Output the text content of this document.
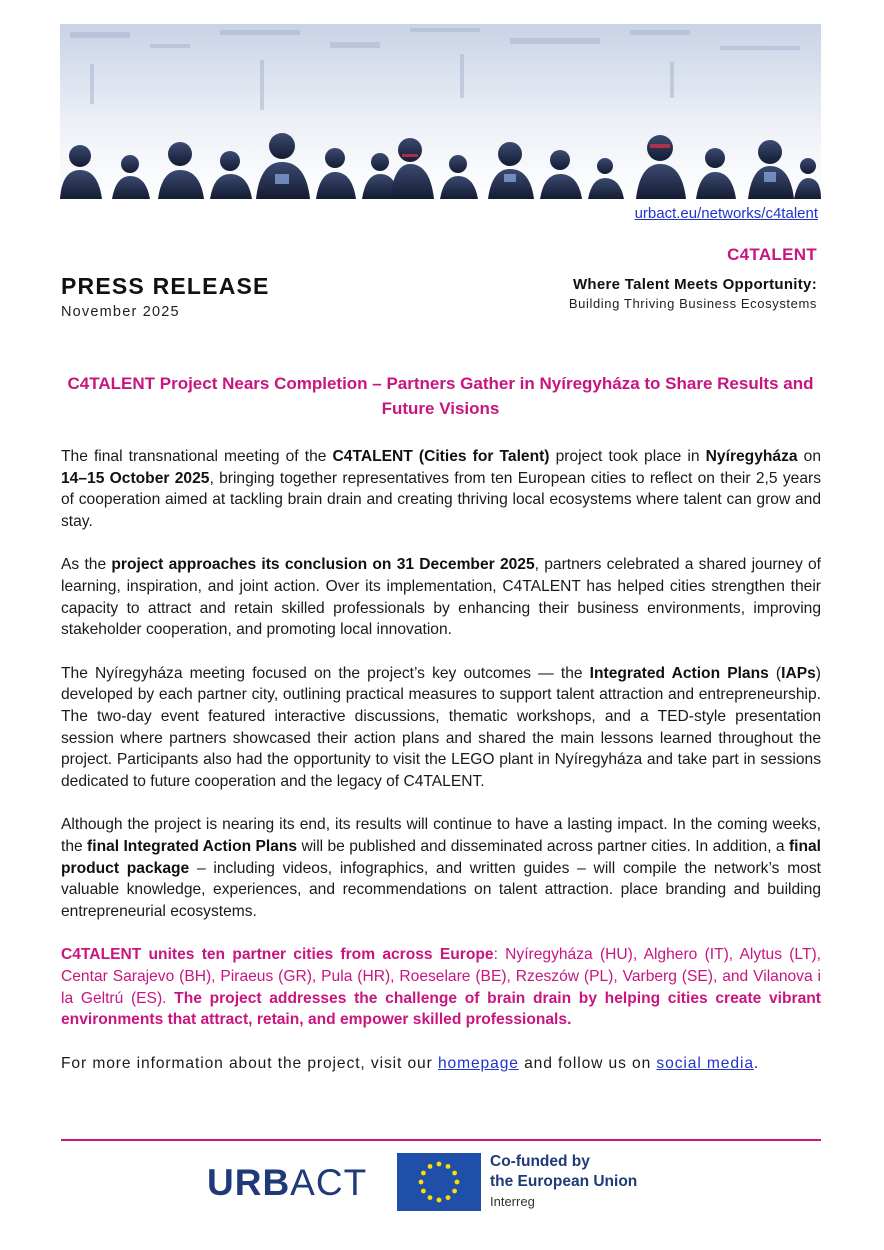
urbact.eu/networks/c4talent
C4TALENT
Where Talent Meets Opportunity:
Building Thriving Business Ecosystems
PRESS RELEASE
November 2025
C4TALENT Project Nears Completion – Partners Gather in Nyíregyháza to Share Results and Future Visions

The final transnational meeting of the C4TALENT (Cities for Talent) project took place in Nyíregyháza on 14–15 October 2025, bringing together representatives from ten European cities to reflect on their 2,5 years of cooperation aimed at tackling brain drain and creating thriving local ecosystems where talent can grow and stay.

As the project approaches its conclusion on 31 December 2025, partners celebrated a shared journey of learning, inspiration, and joint action. Over its implementation, C4TALENT has helped cities strengthen their capacity to attract and retain skilled professionals by enhancing their business environments, improving stakeholder cooperation, and promoting local innovation.

The Nyíregyháza meeting focused on the project’s key outcomes — the Integrated Action Plans (IAPs) developed by each partner city, outlining practical measures to support talent attraction and entrepreneurship. The two-day event featured interactive discussions, thematic workshops, and a TED-style presentation session where partners showcased their action plans and shared the main lessons learned throughout the project. Participants also had the opportunity to visit the LEGO plant in Nyíregyháza and take part in sessions dedicated to future cooperation and the legacy of C4TALENT.

Although the project is nearing its end, its results will continue to have a lasting impact. In the coming weeks, the final Integrated Action Plans will be published and disseminated across partner cities. In addition, a final product package – including videos, infographics, and written guides – will compile the network’s most valuable knowledge, experiences, and recommendations on talent attraction. place branding and building entrepreneurial ecosystems.

C4TALENT unites ten partner cities from across Europe: Nyíregyháza (HU), Alghero (IT), Alytus (LT), Centar Sarajevo (BH), Piraeus (GR), Pula (HR), Roeselare (BE), Rzeszów (PL), Varberg (SE), and Vilanova i la Geltrú (ES). The project addresses the challenge of brain drain by helping cities create vibrant environments that attract, retain, and empower skilled professionals.

For more information about the project, visit our homepage and follow us on social media.

URBACT
Co-funded by
the European Union
Interreg
